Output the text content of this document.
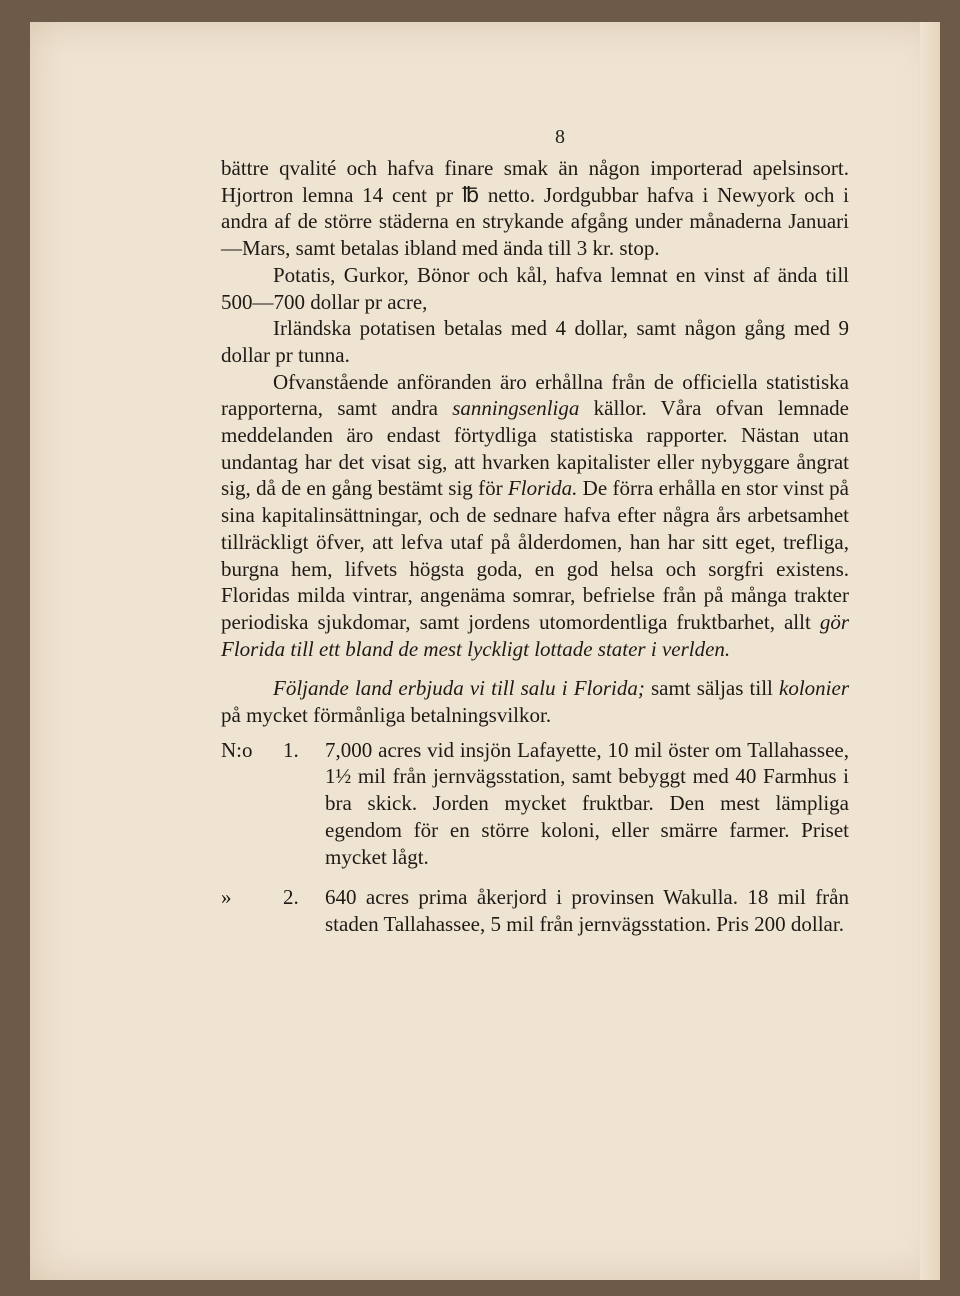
8

bättre qvalité och hafva finare smak än någon importerad apelsinsort. Hjortron lemna 14 cent pr ℔ netto. Jordgubbar hafva i Newyork och i andra af de större städerna en strykande afgång under månaderna Januari —Mars, samt betalas ibland med ända till 3 kr. stop.

Potatis, Gurkor, Bönor och kål, hafva lemnat en vinst af ända till 500—700 dollar pr acre,

Irländska potatisen betalas med 4 dollar, samt någon gång med 9 dollar pr tunna.

Ofvanstående anföranden äro erhållna från de officiella statistiska rapporterna, samt andra sanningsenliga källor. Våra ofvan lemnade meddelanden äro endast förtydliga statistiska rapporter. Nästan utan undantag har det visat sig, att hvarken kapitalister eller nybyggare ångrat sig, då de en gång bestämt sig för Florida. De förra erhålla en stor vinst på sina kapitalinsättningar, och de sednare hafva efter några års arbetsamhet tillräckligt öfver, att lefva utaf på ålderdomen, han har sitt eget, trefliga, burgna hem, lifvets högsta goda, en god helsa och sorgfri existens. Floridas milda vintrar, angenäma somrar, befrielse från på många trakter periodiska sjukdomar, samt jordens utomordentliga fruktbarhet, allt gör Florida till ett bland de mest lyckligt lottade stater i verlden.

Följande land erbjuda vi till salu i Florida; samt säljas till kolonier på mycket förmånliga betalningsvilkor.

N:o 1. 7,000 acres vid insjön Lafayette, 10 mil öster om Tallahassee, 1½ mil från jernvägsstation, samt bebyggt med 40 Farmhus i bra skick. Jorden mycket fruktbar. Den mest lämpliga egendom för en större koloni, eller smärre farmer. Priset mycket lågt.
» 2. 640 acres prima åkerjord i provinsen Wakulla. 18 mil från staden Tallahassee, 5 mil från jernvägsstation. Pris 200 dollar.
